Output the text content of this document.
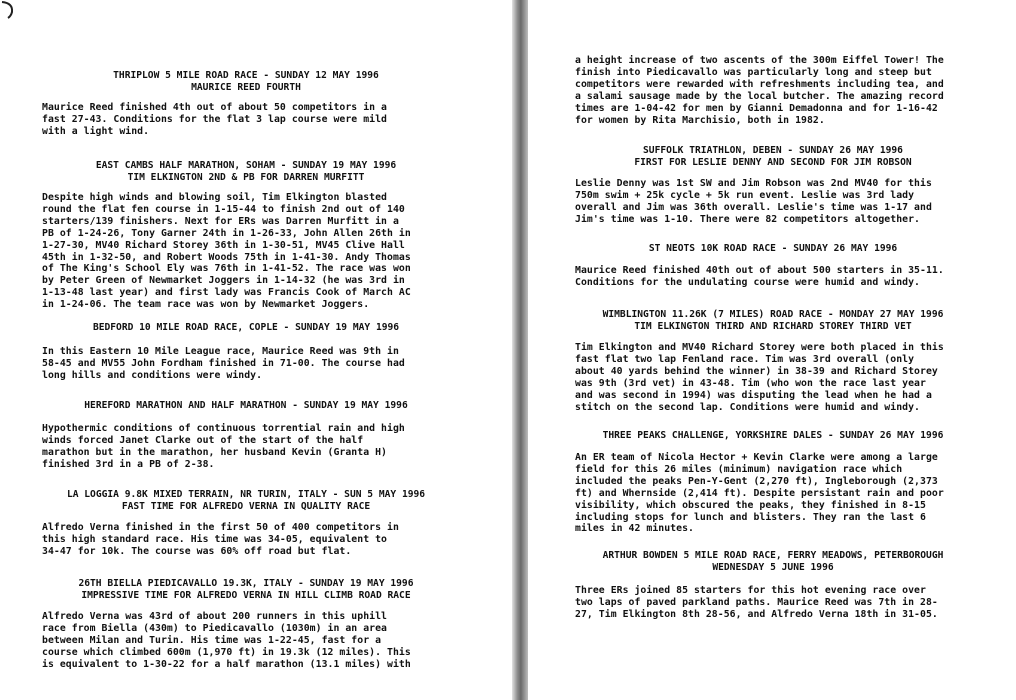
THRIPLOW 5 MILE ROAD RACE - SUNDAY 12 MAY 1996
MAURICE REED FOURTH
Maurice Reed finished 4th out of about 50 competitors in a
fast 27-43. Conditions for the flat 3 lap course were mild
with a light wind.
EAST CAMBS HALF MARATHON, SOHAM - SUNDAY 19 MAY 1996
TIM ELKINGTON 2ND & PB FOR DARREN MURFITT
Despite high winds and blowing soil, Tim Elkington blasted
round the flat fen course in 1-15-44 to finish 2nd out of 140
starters/139 finishers. Next for ERs was Darren Murfitt in a
PB of 1-24-26, Tony Garner 24th in 1-26-33, John Allen 26th in
1-27-30, MV40 Richard Storey 36th in 1-30-51, MV45 Clive Hall
45th in 1-32-50, and Robert Woods 75th in 1-41-30. Andy Thomas
of The King's School Ely was 76th in 1-41-52. The race was won
by Peter Green of Newmarket Joggers in 1-14-32 (he was 3rd in
1-13-48 last year) and first lady was Francis Cook of March AC
in 1-24-06. The team race was won by Newmarket Joggers.
BEDFORD 10 MILE ROAD RACE, COPLE - SUNDAY 19 MAY 1996
In this Eastern 10 Mile League race, Maurice Reed was 9th in
58-45 and MV55 John Fordham finished in 71-00. The course had
long hills and conditions were windy.
HEREFORD MARATHON AND HALF MARATHON - SUNDAY 19 MAY 1996
Hypothermic conditions of continuous torrential rain and high
winds forced Janet Clarke out of the start of the half
marathon but in the marathon, her husband Kevin (Granta H)
finished 3rd in a PB of 2-38.
LA LOGGIA 9.8K MIXED TERRAIN, NR TURIN, ITALY - SUN 5 MAY 1996
FAST TIME FOR ALFREDO VERNA IN QUALITY RACE
Alfredo Verna finished in the first 50 of 400 competitors in
this high standard race. His time was 34-05, equivalent to
34-47 for 10k. The course was 60% off road but flat.
26TH BIELLA PIEDICAVALLO 19.3K, ITALY - SUNDAY 19 MAY 1996
IMPRESSIVE TIME FOR ALFREDO VERNA IN HILL CLIMB ROAD RACE
Alfredo Verna was 43rd of about 200 runners in this uphill
race from Biella (430m) to Piedicavallo (1030m) in an area
between Milan and Turin. His time was 1-22-45, fast for a
course which climbed 600m (1,970 ft) in 19.3k (12 miles). This
is equivalent to 1-30-22 for a half marathon (13.1 miles) with
a height increase of two ascents of the 300m Eiffel Tower! The
finish into Piedicavallo was particularly long and steep but
competitors were rewarded with refreshments including tea, and
a salami sausage made by the local butcher. The amazing record
times are 1-04-42 for men by Gianni Demadonna and for 1-16-42
for women by Rita Marchisio, both in 1982.
SUFFOLK TRIATHLON, DEBEN - SUNDAY 26 MAY 1996
FIRST FOR LESLIE DENNY AND SECOND FOR JIM ROBSON
Leslie Denny was 1st SW and Jim Robson was 2nd MV40 for this
750m swim + 25k cycle + 5k run event. Leslie was 3rd lady
overall and Jim was 36th overall. Leslie's time was 1-17 and
Jim's time was 1-10. There were 82 competitors altogether.
ST NEOTS 10K ROAD RACE - SUNDAY 26 MAY 1996
Maurice Reed finished 40th out of about 500 starters in 35-11.
Conditions for the undulating course were humid and windy.
WIMBLINGTON 11.26K (7 MILES) ROAD RACE - MONDAY 27 MAY 1996
TIM ELKINGTON THIRD AND RICHARD STOREY THIRD VET
Tim Elkington and MV40 Richard Storey were both placed in this
fast flat two lap Fenland race. Tim was 3rd overall (only
about 40 yards behind the winner) in 38-39 and Richard Storey
was 9th (3rd vet) in 43-48. Tim (who won the race last year
and was second in 1994) was disputing the lead when he had a
stitch on the second lap. Conditions were humid and windy.
THREE PEAKS CHALLENGE, YORKSHIRE DALES - SUNDAY 26 MAY 1996
An ER team of Nicola Hector + Kevin Clarke were among a large
field for this 26 miles (minimum) navigation race which
included the peaks Pen-Y-Gent (2,270 ft), Ingleborough (2,373
ft) and Whernside (2,414 ft). Despite persistant rain and poor
visibility, which obscured the peaks, they finished in 8-15
including stops for lunch and blisters. They ran the last 6
miles in 42 minutes.
ARTHUR BOWDEN 5 MILE ROAD RACE, FERRY MEADOWS, PETERBOROUGH
WEDNESDAY 5 JUNE 1996
Three ERs joined 85 starters for this hot evening race over
two laps of paved parkland paths. Maurice Reed was 7th in 28-
27, Tim Elkington 8th 28-56, and Alfredo Verna 18th in 31-05.
